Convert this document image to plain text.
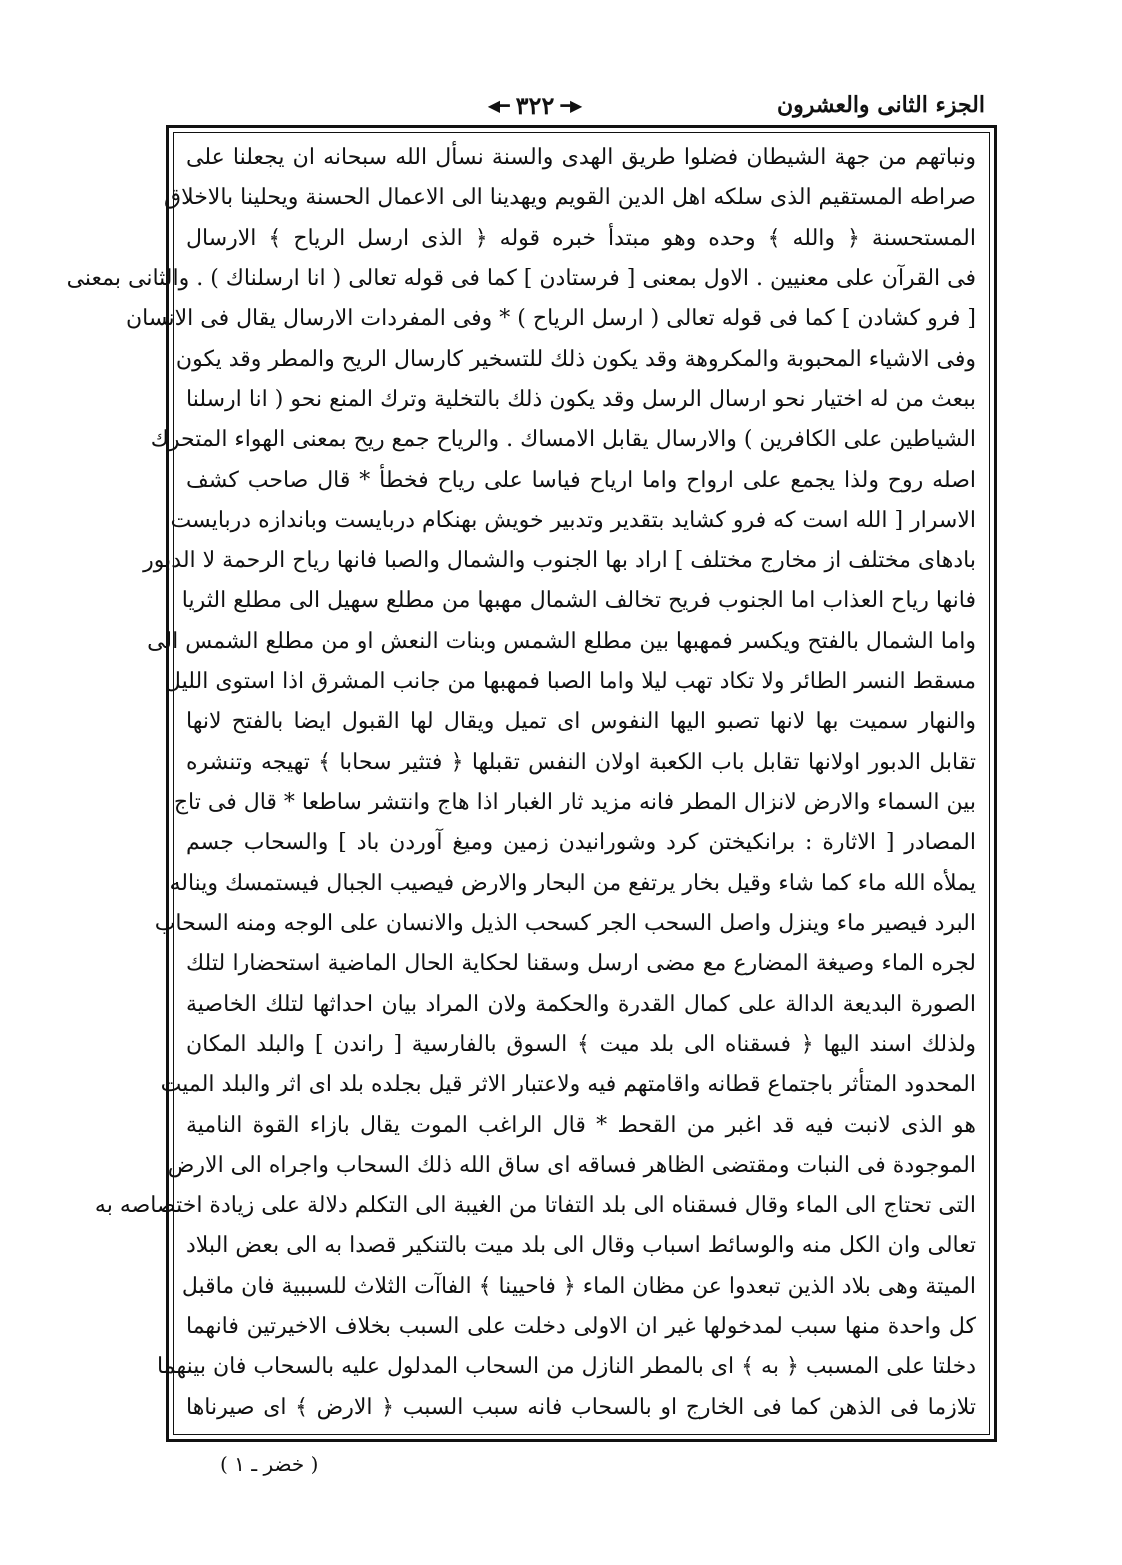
الجزء الثانى والعشرون
◀━ ٣٢٢ ━▶
ونباتهم من جهة الشيطان فضلوا طريق الهدى والسنة نسأل الله سبحانه ان يجعلنا على
صراطه المستقيم الذى سلكه اهل الدين القويم ويهدينا الى الاعمال الحسنة ويحلينا بالاخلاق
المستحسنة ﴿ والله ﴾ وحده وهو مبتدأ خبره قوله ﴿ الذى ارسل الرياح ﴾ الارسال
فى القرآن على معنيين . الاول بمعنى [ فرستادن ] كما فى قوله تعالى ( انا ارسلناك ) . والثانى بمعنى
[ فرو كشادن ] كما فى قوله تعالى ( ارسل الرياح ) * وفى المفردات الارسال يقال فى الانسان
وفى الاشياء المحبوبة والمكروهة وقد يكون ذلك للتسخير كارسال الريح والمطر وقد يكون
ببعث من له اختيار نحو ارسال الرسل وقد يكون ذلك بالتخلية وترك المنع نحو ( انا ارسلنا
الشياطين على الكافرين ) والارسال يقابل الامساك . والرياح جمع ريح بمعنى الهواء المتحرك
اصله روح ولذا يجمع على ارواح واما ارياح فياسا على رياح فخطأ * قال صاحب كشف
الاسرار [ الله است كه فرو كشايد بتقدير وتدبير خويش بهنكام دربايست وباندازه دربايست
بادهاى مختلف از مخارج مختلف ] اراد بها الجنوب والشمال والصبا فانها رياح الرحمة لا الدبور
فانها رياح العذاب اما الجنوب فريح تخالف الشمال مهبها من مطلع سهيل الى مطلع الثريا
واما الشمال بالفتح ويكسر فمهبها بين مطلع الشمس وبنات النعش او من مطلع الشمس الى
مسقط النسر الطائر ولا تكاد تهب ليلا واما الصبا فمهبها من جانب المشرق اذا استوى الليل
والنهار سميت بها لانها تصبو اليها النفوس اى تميل ويقال لها القبول ايضا بالفتح لانها
تقابل الدبور اولانها تقابل باب الكعبة اولان النفس تقبلها ﴿ فتثير سحابا ﴾ تهيجه وتنشره
بين السماء والارض لانزال المطر فانه مزيد ثار الغبار اذا هاج وانتشر ساطعا * قال فى تاج
المصادر [ الاثارة : برانكيختن كرد وشورانيدن زمين وميغ آوردن باد ] والسحاب جسم
يملأه الله ماء كما شاء وقيل بخار يرتفع من البحار والارض فيصيب الجبال فيستمسك ويناله
البرد فيصير ماء وينزل واصل السحب الجر كسحب الذيل والانسان على الوجه ومنه السحاب
لجره الماء وصيغة المضارع مع مضى ارسل وسقنا لحكاية الحال الماضية استحضارا لتلك
الصورة البديعة الدالة على كمال القدرة والحكمة ولان المراد بيان احداثها لتلك الخاصية
ولذلك اسند اليها ﴿ فسقناه الى بلد ميت ﴾ السوق بالفارسية [ راندن ] والبلد المكان
المحدود المتأثر باجتماع قطانه واقامتهم فيه ولاعتبار الاثر قيل بجلده بلد اى اثر والبلد الميت
هو الذى لانبت فيه قد اغبر من القحط * قال الراغب الموت يقال بازاء القوة النامية
الموجودة فى النبات ومقتضى الظاهر فساقه اى ساق الله ذلك السحاب واجراه الى الارض
التى تحتاج الى الماء وقال فسقناه الى بلد التفاتا من الغيبة الى التكلم دلالة على زيادة اختصاصه به
تعالى وان الكل منه والوسائط اسباب وقال الى بلد ميت بالتنكير قصدا به الى بعض البلاد
الميتة وهى بلاد الذين تبعدوا عن مظان الماء ﴿ فاحيينا ﴾ الفاآت الثلاث للسببية فان ماقبل
كل واحدة منها سبب لمدخولها غير ان الاولى دخلت على السبب بخلاف الاخيرتين فانهما
دخلتا على المسبب ﴿ به ﴾ اى بالمطر النازل من السحاب المدلول عليه بالسحاب فان بينهما
تلازما فى الذهن كما فى الخارج او بالسحاب فانه سبب السبب ﴿ الارض ﴾ اى صيرناها
( خضر ـ ١ )
